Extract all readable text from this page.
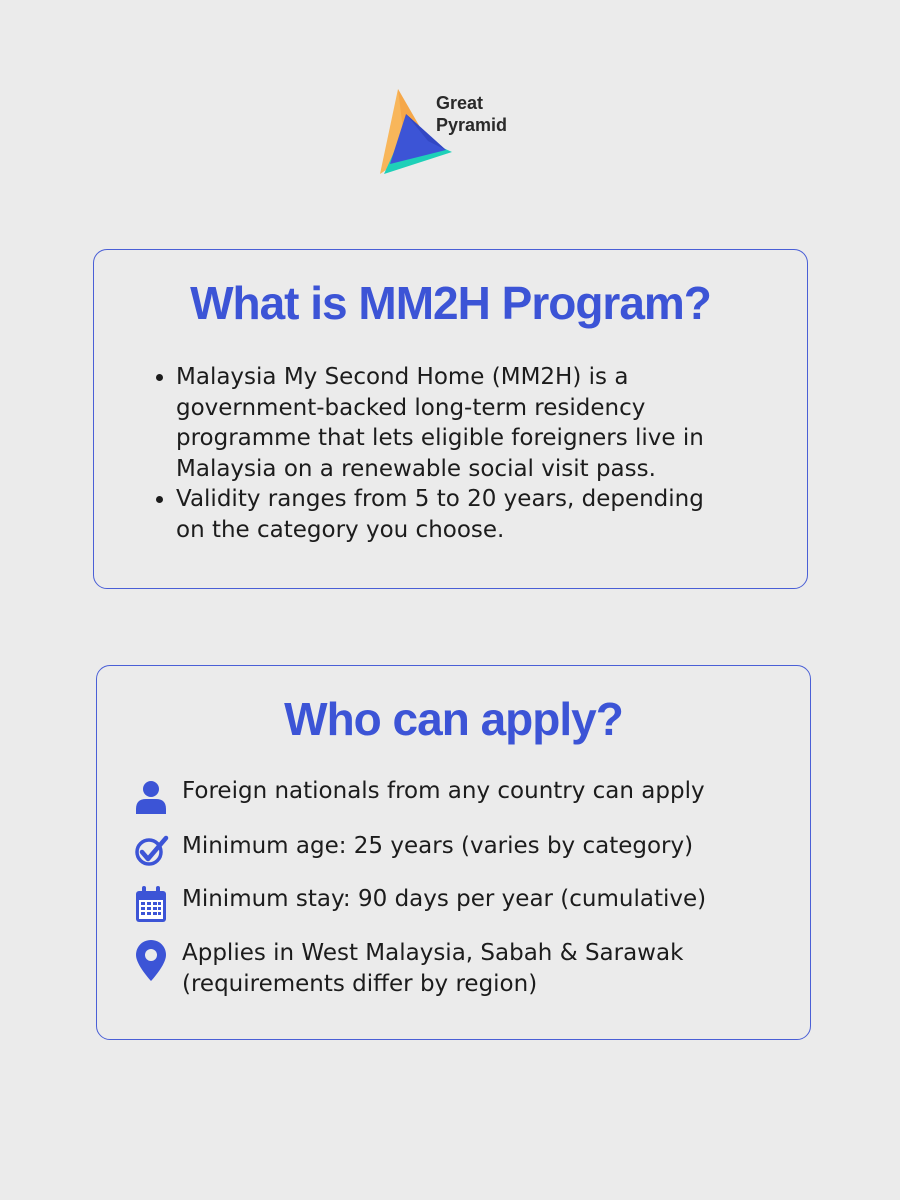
Great
Pyramid
What is MM2H Program?
Malaysia My Second Home (MM2H) is a
government-backed long-term residency
programme that lets eligible foreigners live in
Malaysia on a renewable social visit pass.
Validity ranges from 5 to 20 years, depending
on the category you choose.
Who can apply?
Foreign nationals from any country can apply
Minimum age: 25 years (varies by category)
Minimum stay: 90 days per year (cumulative)
Applies in West Malaysia, Sabah & Sarawak
(requirements differ by region)
